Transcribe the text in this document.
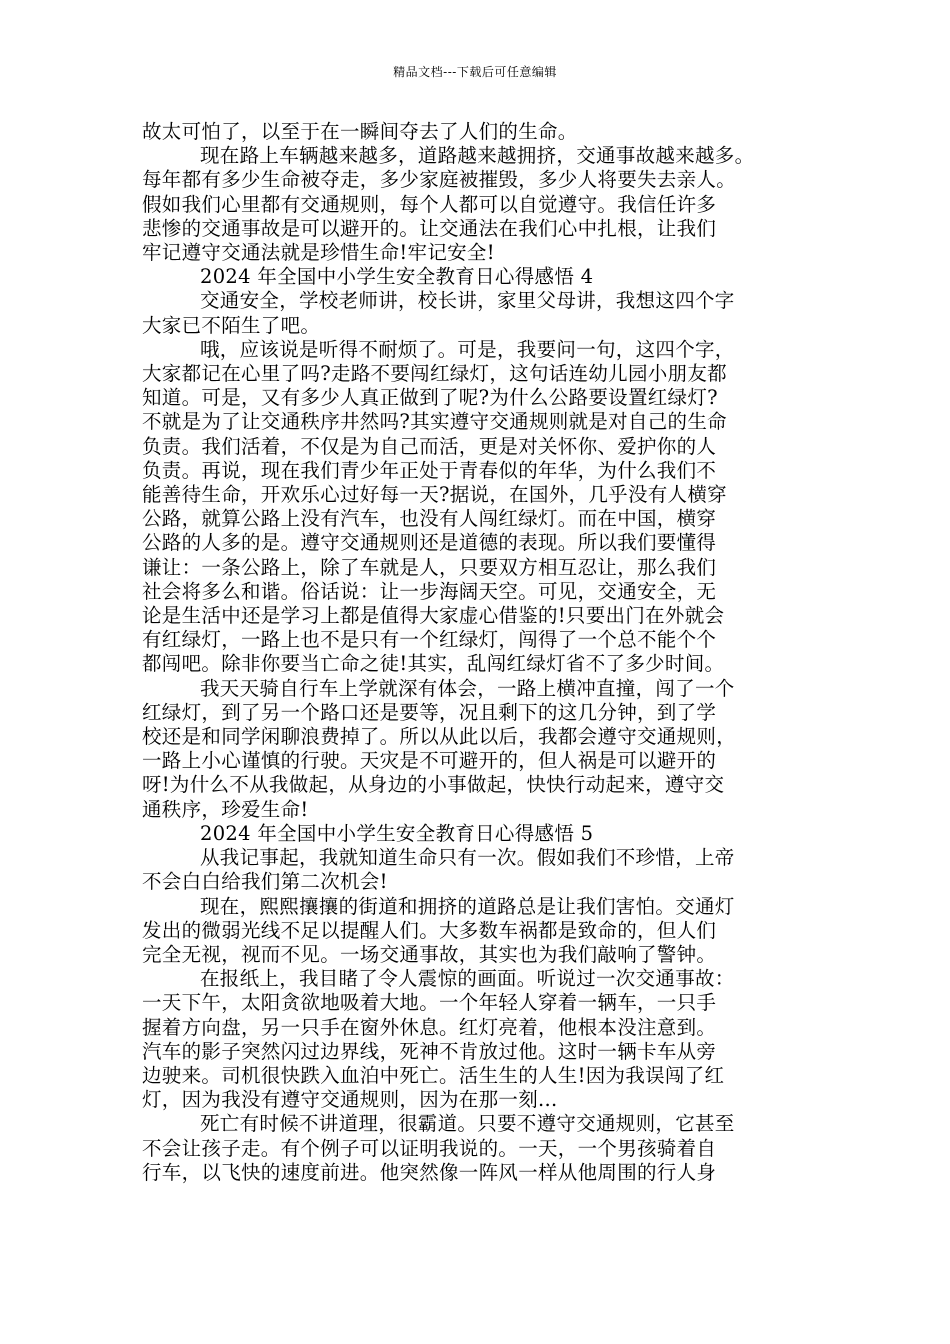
精品文档---下载后可任意编辑
故太可怕了，以至于在一瞬间夺去了人们的生命。
现在路上车辆越来越多，道路越来越拥挤，交通事故越来越多。
每年都有多少生命被夺走，多少家庭被摧毁，多少人将要失去亲人。
假如我们心里都有交通规则，每个人都可以自觉遵守。我信任许多
悲惨的交通事故是可以避开的。让交通法在我们心中扎根，让我们
牢记遵守交通法就是珍惜生命!牢记安全!
2024 年全国中小学生安全教育日心得感悟 4
交通安全，学校老师讲，校长讲，家里父母讲，我想这四个字
大家已不陌生了吧。
哦，应该说是听得不耐烦了。可是，我要问一句，这四个字，
大家都记在心里了吗?走路不要闯红绿灯，这句话连幼儿园小朋友都
知道。可是，又有多少人真正做到了呢?为什么公路要设置红绿灯?
不就是为了让交通秩序井然吗?其实遵守交通规则就是对自己的生命
负责。我们活着，不仅是为自己而活，更是对关怀你、爱护你的人
负责。再说，现在我们青少年正处于青春似的年华，为什么我们不
能善待生命，开欢乐心过好每一天?据说，在国外，几乎没有人横穿
公路，就算公路上没有汽车，也没有人闯红绿灯。而在中国，横穿
公路的人多的是。遵守交通规则还是道德的表现。所以我们要懂得
谦让：一条公路上，除了车就是人，只要双方相互忍让，那么我们
社会将多么和谐。俗话说：让一步海阔天空。可见，交通安全，无
论是生活中还是学习上都是值得大家虚心借鉴的!只要出门在外就会
有红绿灯，一路上也不是只有一个红绿灯，闯得了一个总不能个个
都闯吧。除非你要当亡命之徒!其实，乱闯红绿灯省不了多少时间。
我天天骑自行车上学就深有体会，一路上横冲直撞，闯了一个
红绿灯，到了另一个路口还是要等，况且剩下的这几分钟，到了学
校还是和同学闲聊浪费掉了。所以从此以后，我都会遵守交通规则，
一路上小心谨慎的行驶。天灾是不可避开的，但人祸是可以避开的
呀!为什么不从我做起，从身边的小事做起，快快行动起来，遵守交
通秩序，珍爱生命!
2024 年全国中小学生安全教育日心得感悟 5
从我记事起，我就知道生命只有一次。假如我们不珍惜，上帝
不会白白给我们第二次机会!
现在，熙熙攘攘的街道和拥挤的道路总是让我们害怕。交通灯
发出的微弱光线不足以提醒人们。大多数车祸都是致命的，但人们
完全无视，视而不见。一场交通事故，其实也为我们敲响了警钟。
在报纸上，我目睹了令人震惊的画面。听说过一次交通事故：
一天下午，太阳贪欲地吸着大地。一个年轻人穿着一辆车，一只手
握着方向盘，另一只手在窗外休息。红灯亮着，他根本没注意到。
汽车的影子突然闪过边界线，死神不肯放过他。这时一辆卡车从旁
边驶来。司机很快跌入血泊中死亡。活生生的人生!因为我误闯了红
灯，因为我没有遵守交通规则，因为在那一刻...
死亡有时候不讲道理，很霸道。只要不遵守交通规则，它甚至
不会让孩子走。有个例子可以证明我说的。一天，一个男孩骑着自
行车，以飞快的速度前进。他突然像一阵风一样从他周围的行人身
